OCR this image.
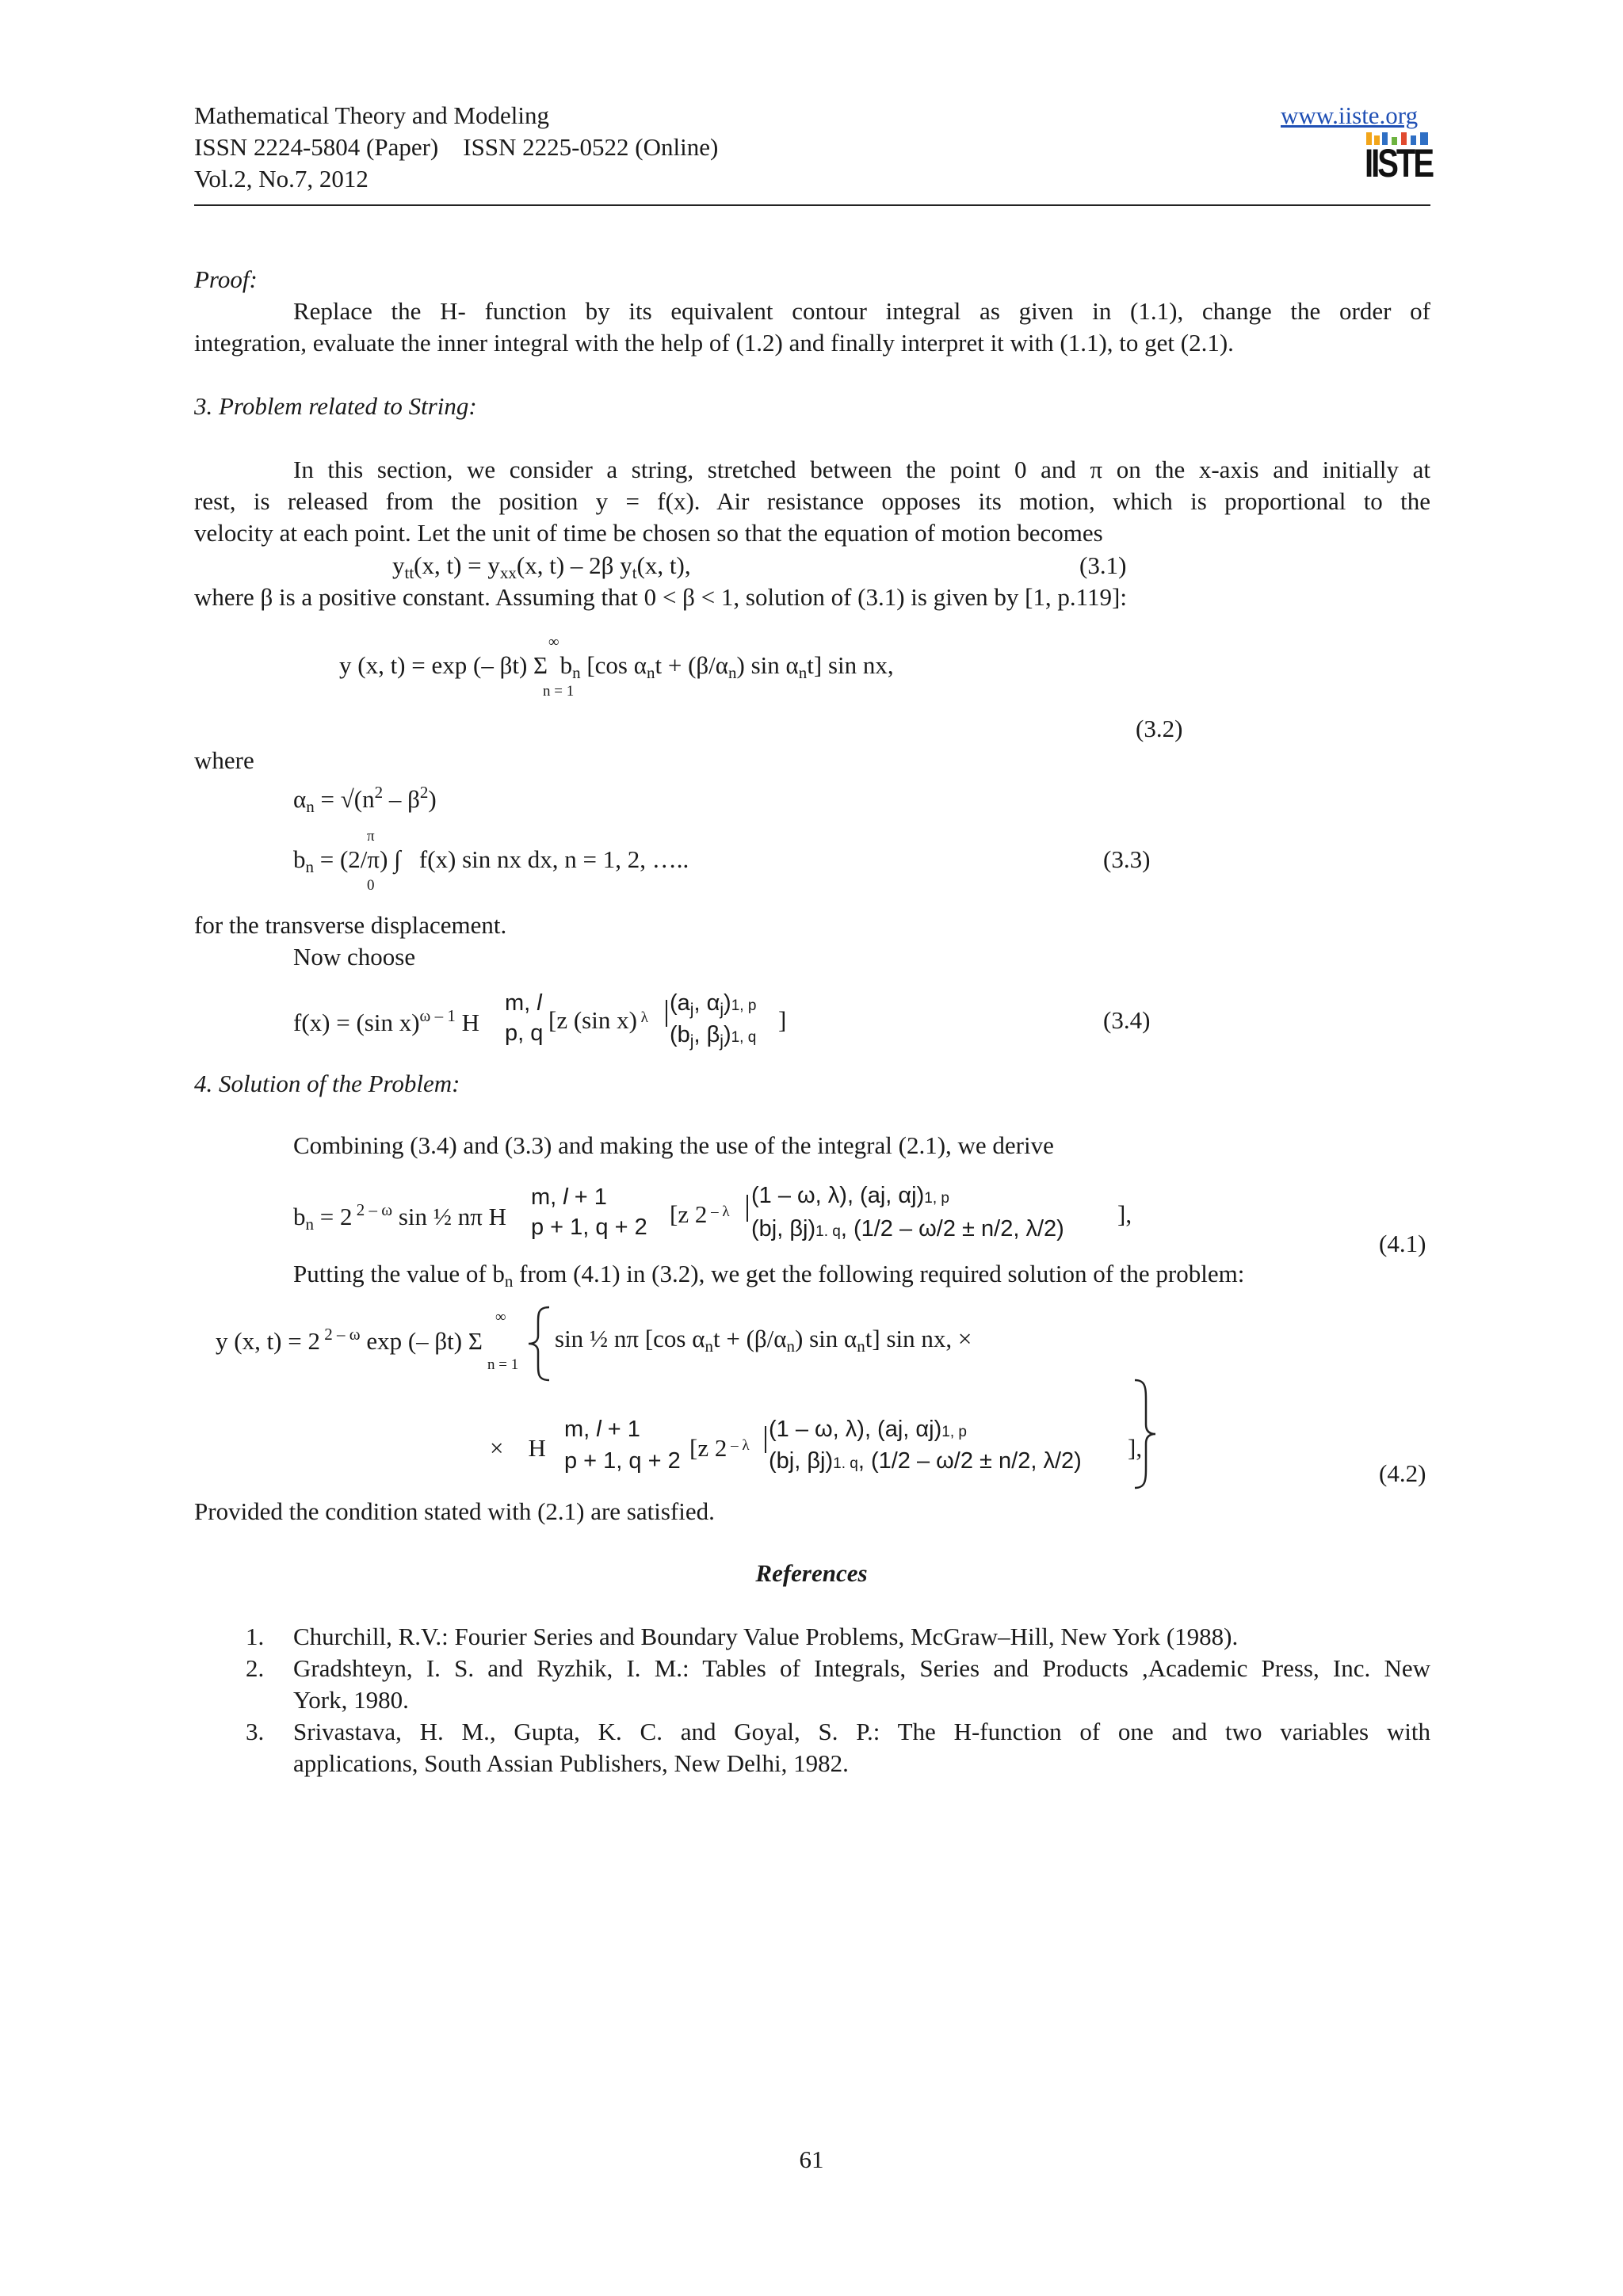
Mathematical Theory and Modeling
ISSN 2224-5804 (Paper)    ISSN 2225-0522 (Online)
Vol.2, No.7, 2012
www.iiste.org
IISTE
Proof:
Replace the H- function by its equivalent contour integral as given in (1.1), change the order of
integration, evaluate the inner integral with the help of (1.2) and finally interpret it with (1.1), to get (2.1).
3. Problem related to String:
In this section, we consider a string, stretched between the point 0 and π on the x-axis and initially at
rest, is released from the position y = f(x). Air resistance opposes its motion, which is proportional to the
velocity at each point. Let the unit of time be chosen so that the equation of motion becomes
$y_{tt}(x$, $t) = y_{xx}(x$, t) – 2β $y_t(x$, t),	(3.1)
where β is a positive constant. Assuming that 0 < β < 1, solution of (3.1) is given by [1, p.119]:
∞
y (x, t) = exp (– βt) Σ  $b_n$ [cos $\alpha_nt + (\beta/\alpha_n)$ $\sin \alpha_nt$] sin nx,
n = 1
(3.2)
where
$\alpha_n = √(n^2 - \beta^2)$
π
$b_n = (2/\pi)$ ∫   f(x) sin nx dx, n = 1, 2, …..
0
(3.3)
for the transverse displacement.
Now choose
f(x) = (sin x)$^{\omega - 1}$ H
m, l
p, q [z (sin x) $^\lambda$
($a_j$, $\alpha_j)1$, p
($b_j$, $\beta_j)1$, q
]	(3.4)
4. Solution of the Problem:
Combining (3.4) and (3.3) and making the use of the integral (2.1), we derive
$b_n = 2$ $^{2 - \omega}$ sin ½ nπ H
m, l + 1
p + 1, q + 2 [z 2 $^{- \lambda}$
(1 – ω, λ), (aj, αj)1, p
(bj, βj)1. q, (1/2 – ω/2 ± n/2, λ/2)
],
(4.1)
Putting the value of $b_n$ from (4.1) in (3.2), we get the following required solution of the problem:
∞
y (x, t) = 2 $^{2 - \omega}$ exp (– βt) Σ
n = 1
sin ½ nπ [cos $\alpha_nt + (\beta/\alpha_n)$ $\sin \alpha_nt$] sin nx, ×
×    H
m, l + 1
p + 1, q + 2 [z 2 $^{- \lambda}$
(1 – ω, λ), (aj, αj)1, p
(bj, βj)1. q, (1/2 – ω/2 ± n/2, λ/2) ],
(4.2)
Provided the condition stated with (2.1) are satisfied.
References
1. Churchill, R.V.: Fourier Series and Boundary Value Problems, McGraw–Hill, New York (1988).
2. Gradshteyn, I. S. and Ryzhik, I. M.: Tables of Integrals, Series and Products ,Academic Press, Inc. New
York, 1980.
3. Srivastava, H. M., Gupta, K. C. and Goyal, S. P.: The H-function of one and two variables with
applications, South Assian Publishers, New Delhi, 1982.
61
